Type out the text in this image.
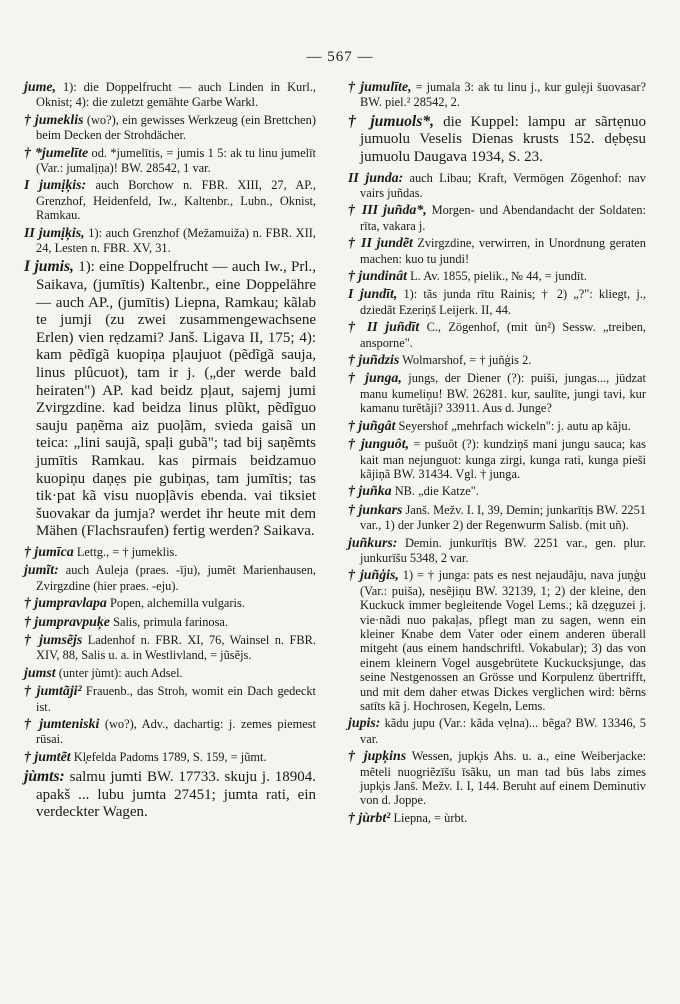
— 567 —

jume, 1): die Doppelfrucht — auch Linden in Kurl., Oknist; 4): die zuletzt gemähte Garbe Warkl.

† jumeklis (wo?), ein gewisses Werkzeug (ein Brettchen) beim Decken der Strohdächer.

† *jumelīte od. *jumelītis, = jumis 1 5: ak tu linu jumelīt (Var.: jumalịṇa)! BW. 28542, 1 var.

I jumịk̦is: auch Borchow n. FBR. XIII, 27, AP., Grenzhof, Heidenfeld, Iw., Kaltenbr., Lubn., Oknist, Ramkau.

II jumịk̦is, 1): auch Grenzhof (Mežamuiža) n. FBR. XII, 24, Lesten n. FBR. XV, 31.

I jumis, 1): eine Doppelfrucht — auch Iw., Prl., Saikava, (jumītis) Kaltenbr., eine Doppelähre — auch AP., (jumītis) Liepna, Ramkau; kãlab te jumji (zu zwei zusammengewachsene Erlen) vien rẹdzami? Janš. Ligava II, 175; 4): kam pẽdĩgã kuopiņa pļaujuot (pẽdĩgã sauja, linus plûcuot), tam ir j. („der werde bald heiraten") AP. kad beidz pļaut, sajemj jumi Zvirgzdine. kad beidza linus plũkt, pẽdĩguo sauju paņẽma aiz puoļãm, svieda gaisã un teica: „lini saujã, spaļi gubã"; tad bij saņẽmts jumītis Ramkau. kas pirmais beidzamuo kuopiņu daņẹs pie gubiņas, tam jumītis; tas tik·pat kã visu nuopļãvis ebenda. vai tiksiet šuovakar da jumja? werdet ihr heute mit dem Mähen (Flachsraufen) fertig werden? Saikava.

† jumīca Lettg., = † jumeklis.

jumĩt: auch Auleja (praes. -īju), jumẽt Marienhausen, Zvirgzdine (hier praes. -eju).

† jumpravlapa Popen, alchemilla vulgaris.

† jumpravpuk̦e Salis, primula farinosa.

† jumsẽjs Ladenhof n. FBR. XI, 76, Wainsel n. FBR. XIV, 88, Salis u. a. in Westlivland, = jũsẽjs.

jumst (unter jùmt): auch Adsel.

† jumtãji² Frauenb., das Stroh, womit ein Dach gedeckt ist.

† jumteniski (wo?), Adv., dachartig: j. zemes piemest rūsai.

† jumtẽt Kl̦efelda Padoms 1789, S. 159, = jũmt.

jùmts: salmu jumti BW. 17733. skuju j. 18904. apakš ... lubu jumta 27451; jumta rati, ein verdeckter Wagen.

† jumulīte, = jumala 3: ak tu linu j., kur gulẹji šuovasar? BW. piel.² 28542, 2.

† jumuols*, die Kuppel: lampu ar sãrtẹnuo jumuolu Veselis Dienas krusts 152. dẹbẹsu jumuolu Daugava 1934, S. 23.

II junda: auch Libau; Kraft, Vermögen Zögenhof: nav vairs juñdas.

† III juñda*, Morgen- und Abendandacht der Soldaten: rīta, vakara j.

† II jundẽt Zvirgzdine, verwirren, in Unordnung geraten machen: kuo tu jundi!

† jundinât L. Av. 1855, pielik., № 44, = jundīt.

I jundīt, 1): tãs junda rītu Rainis; † 2) „?": kliegt, j., dziedãt Ezeriņš Leijerk. II, 44.

† II juñdīt C., Zögenhof, (mit ùn²) Sessw. „treiben, ansporne".

† juñdzis Wolmarshof, = † juñģis 2.

† junga, jungs, der Diener (?): puiši, jungas..., jūdzat manu kumeliņu! BW. 26281. kur, saulīte, jungi tavi, kur kamanu turẽtãji? 33911. Aus d. Junge?

† juñgât Seyershof „mehrfach wickeln": j. autu ap kãju.

† junguôt, = pušuôt (?): kundziņš mani jungu sauca; kas kait man nejunguot: kunga zirgi, kunga rati, kunga pieši kãjiņã BW. 31434. Vgl. † junga.

† juñka NB. „die Katze".

† junkars Janš. Mežv. I. I, 39, Demin; junkarītịs BW. 2251 var., 1) der Junker 2) der Regenwurm Salisb. (mit uñ).

juñkurs: Demin. junkurītịs BW. 2251 var., gen. plur. junkurīšu 5348, 2 var.

† juñģis, 1) = † junga: pats es nest nejaudãju, nava juņģu (Var.: puiša), nesẽjiņu BW. 32139, 1; 2) der kleine, den Kuckuck immer begleitende Vogel Lems.; kã dzẹguzei j. vie·nãdi nuo pakaļas, pflegt man zu sagen, wenn ein kleiner Knabe dem Vater oder einem anderen überall mitgeht (aus einem handschriftl. Vokabular); 3) das von einem kleinern Vogel ausgebrütete Kuckucksjunge, das seine Nestgenossen an Grösse und Korpulenz übertrifft, und mit dem daher etwas Dickes verglichen wird: bẽrns satīts kã j. Hochrosen, Kegeln, Lems.

jupis: kãdu jupu (Var.: kãda vẹlna)... bẽga? BW. 13346, 5 var.

† jupk̦ins Wessen, jupk̦is Ahs. u. a., eine Weiberjacke: mẽteli nuogriẽzīšu īsãku, un man tad būs labs zimes jupk̦is Janš. Mežv. I. I, 144. Beruht auf einem Deminutiv von d. Joppe.

† jùrbt² Liepna, = ùrbt.
